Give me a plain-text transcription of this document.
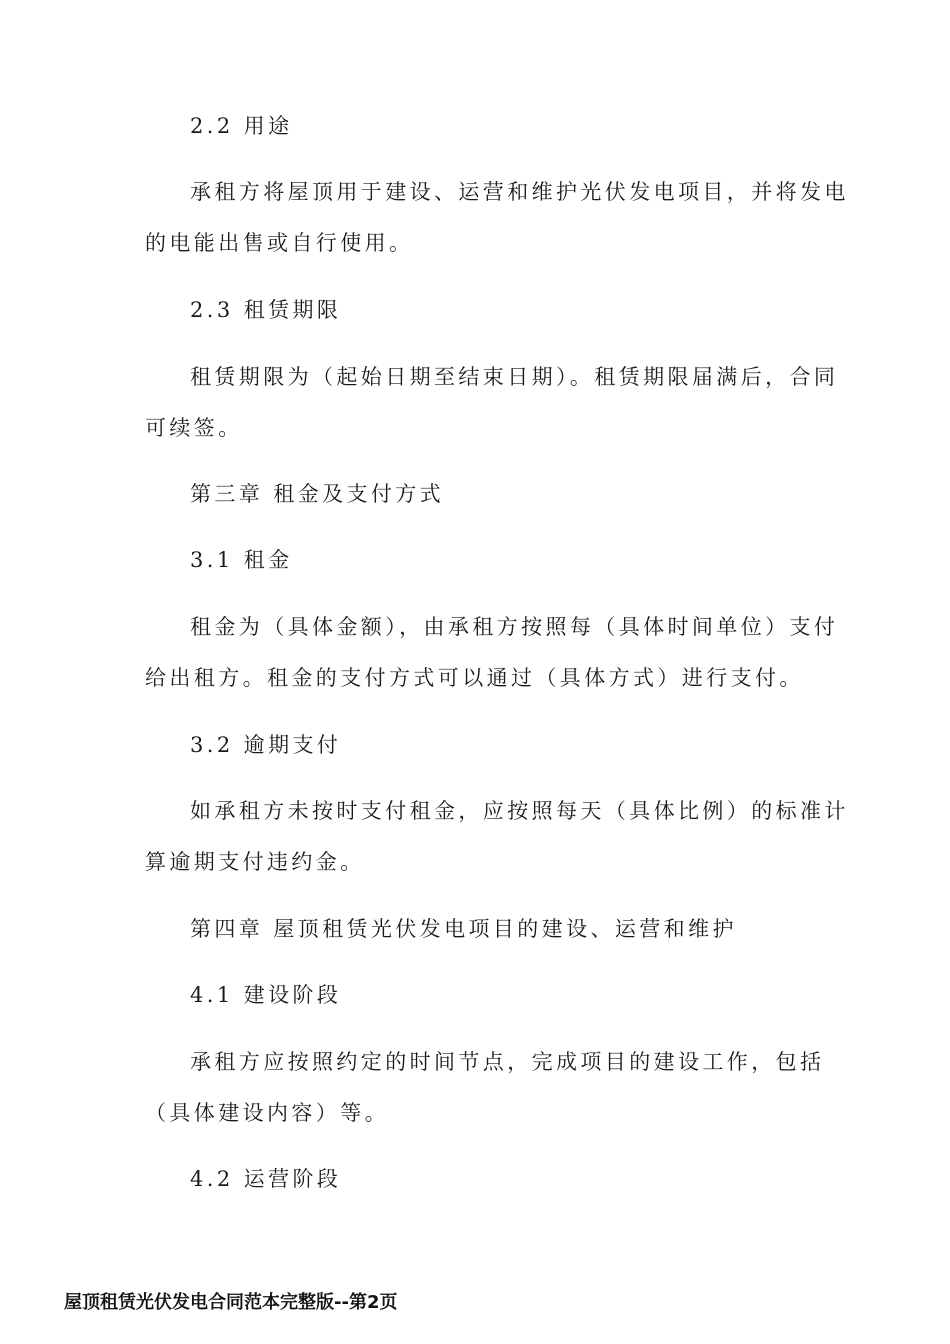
2.2 用途
承租方将屋顶用于建设、运营和维护光伏发电项目，并将发电
的电能出售或自行使用。
2.3 租赁期限
租赁期限为（起始日期至结束日期）。租赁期限届满后，合同
可续签。
第三章 租金及支付方式
3.1 租金
租金为（具体金额），由承租方按照每（具体时间单位）支付
给出租方。租金的支付方式可以通过（具体方式）进行支付。
3.2 逾期支付
如承租方未按时支付租金，应按照每天（具体比例）的标准计
算逾期支付违约金。
第四章 屋顶租赁光伏发电项目的建设、运营和维护
4.1 建设阶段
承租方应按照约定的时间节点，完成项目的建设工作，包括
（具体建设内容）等。
4.2 运营阶段
屋顶租赁光伏发电合同范本完整版--第2页
